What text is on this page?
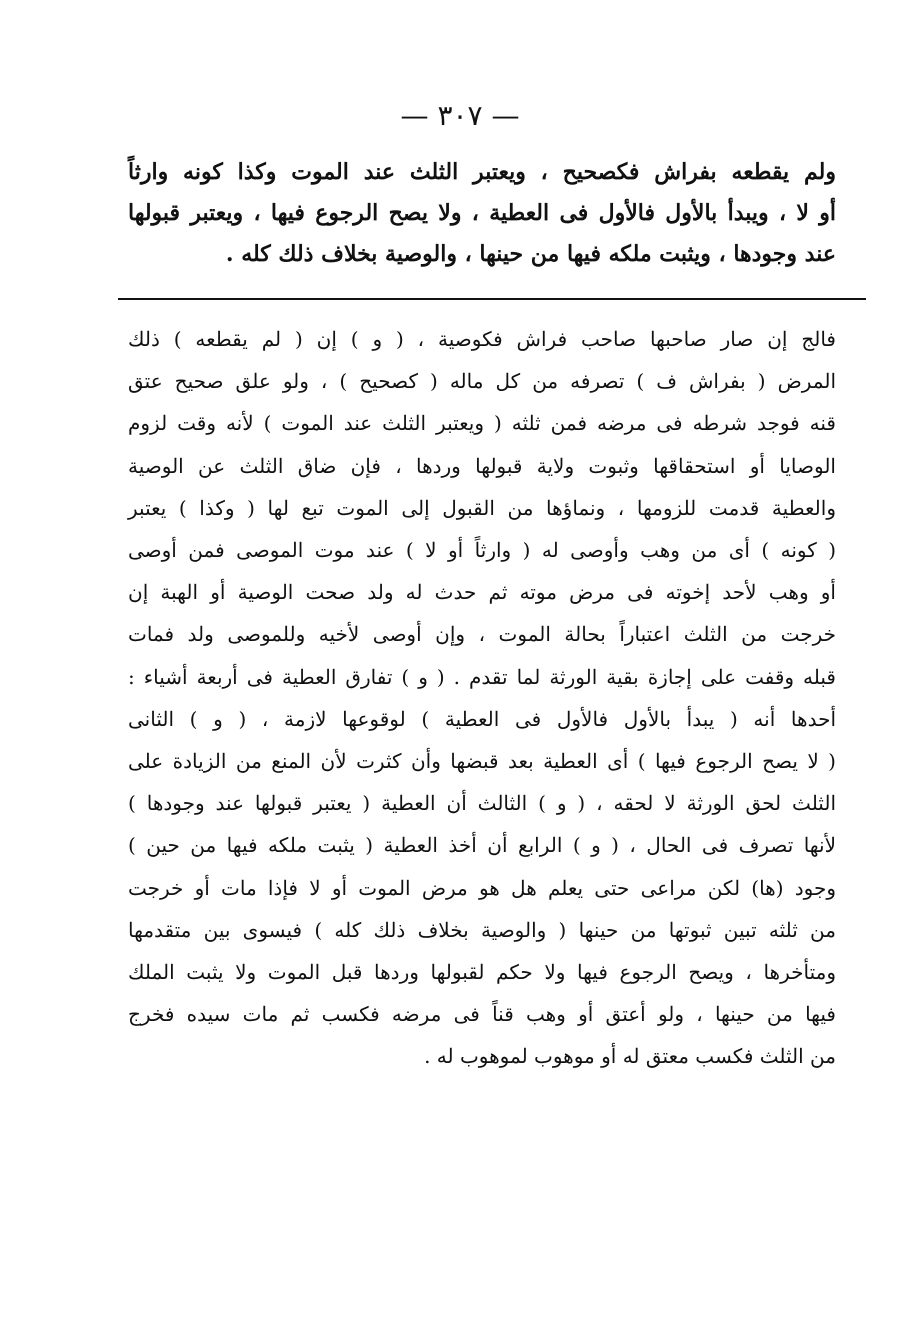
— ٣٠٧ —
ولم يقطعه بفراش فكصحيح ، ويعتبر الثلث عند الموت وكذا كونه وارثاً
أو لا ، ويبدأ بالأول فالأول فى العطية ، ولا يصح الرجوع فيها ، ويعتبر قبولها
عند وجودها ، ويثبت ملكه فيها من حينها ، والوصية بخلاف ذلك كله .
فالج إن صار صاحبها صاحب فراش فكوصية ، ( و ) إن ( لم يقطعه ) ذلك
المرض ( بفراش ف ) تصرفه من كل ماله ( كصحيح ) ، ولو علق صحيح عتق
قنه فوجد شرطه فى مرضه فمن ثلثه ( ويعتبر الثلث عند الموت ) لأنه وقت لزوم
الوصايا أو استحقاقها وثبوت ولاية قبولها وردها ، فإن ضاق الثلث عن الوصية
والعطية قدمت للزومها ، ونماؤها من القبول إلى الموت تبع لها ( وكذا ) يعتبر
( كونه ) أى من وهب وأوصى له ( وارثاً أو لا ) عند موت الموصى فمن أوصى
أو وهب لأحد إخوته فى مرض موته ثم حدث له ولد صحت الوصية أو الهبة إن
خرجت من الثلث اعتباراً بحالة الموت ، وإن أوصى لأخيه وللموصى ولد فمات
قبله وقفت على إجازة بقية الورثة لما تقدم . ( و ) تفارق العطية فى أربعة أشياء :
أحدها أنه ( يبدأ بالأول فالأول فى العطية ) لوقوعها لازمة ، ( و ) الثانى
( لا يصح الرجوع فيها ) أى العطية بعد قبضها وأن كثرت لأن المنع من الزيادة على
الثلث لحق الورثة لا لحقه ، ( و ) الثالث أن العطية ( يعتبر قبولها عند وجودها )
لأنها تصرف فى الحال ، ( و ) الرابع أن أخذ العطية ( يثبت ملكه فيها من حين )
وجود (ها) لكن مراعى حتى يعلم هل هو مرض الموت أو لا فإذا مات أو خرجت
من ثلثه تبين ثبوتها من حينها ( والوصية بخلاف ذلك كله ) فيسوى بين متقدمها
ومتأخرها ، ويصح الرجوع فيها ولا حكم لقبولها وردها قبل الموت ولا يثبت الملك
فيها من حينها ، ولو أعتق أو وهب قناً فى مرضه فكسب ثم مات سيده فخرج
من الثلث فكسب معتق له أو موهوب لموهوب له .
